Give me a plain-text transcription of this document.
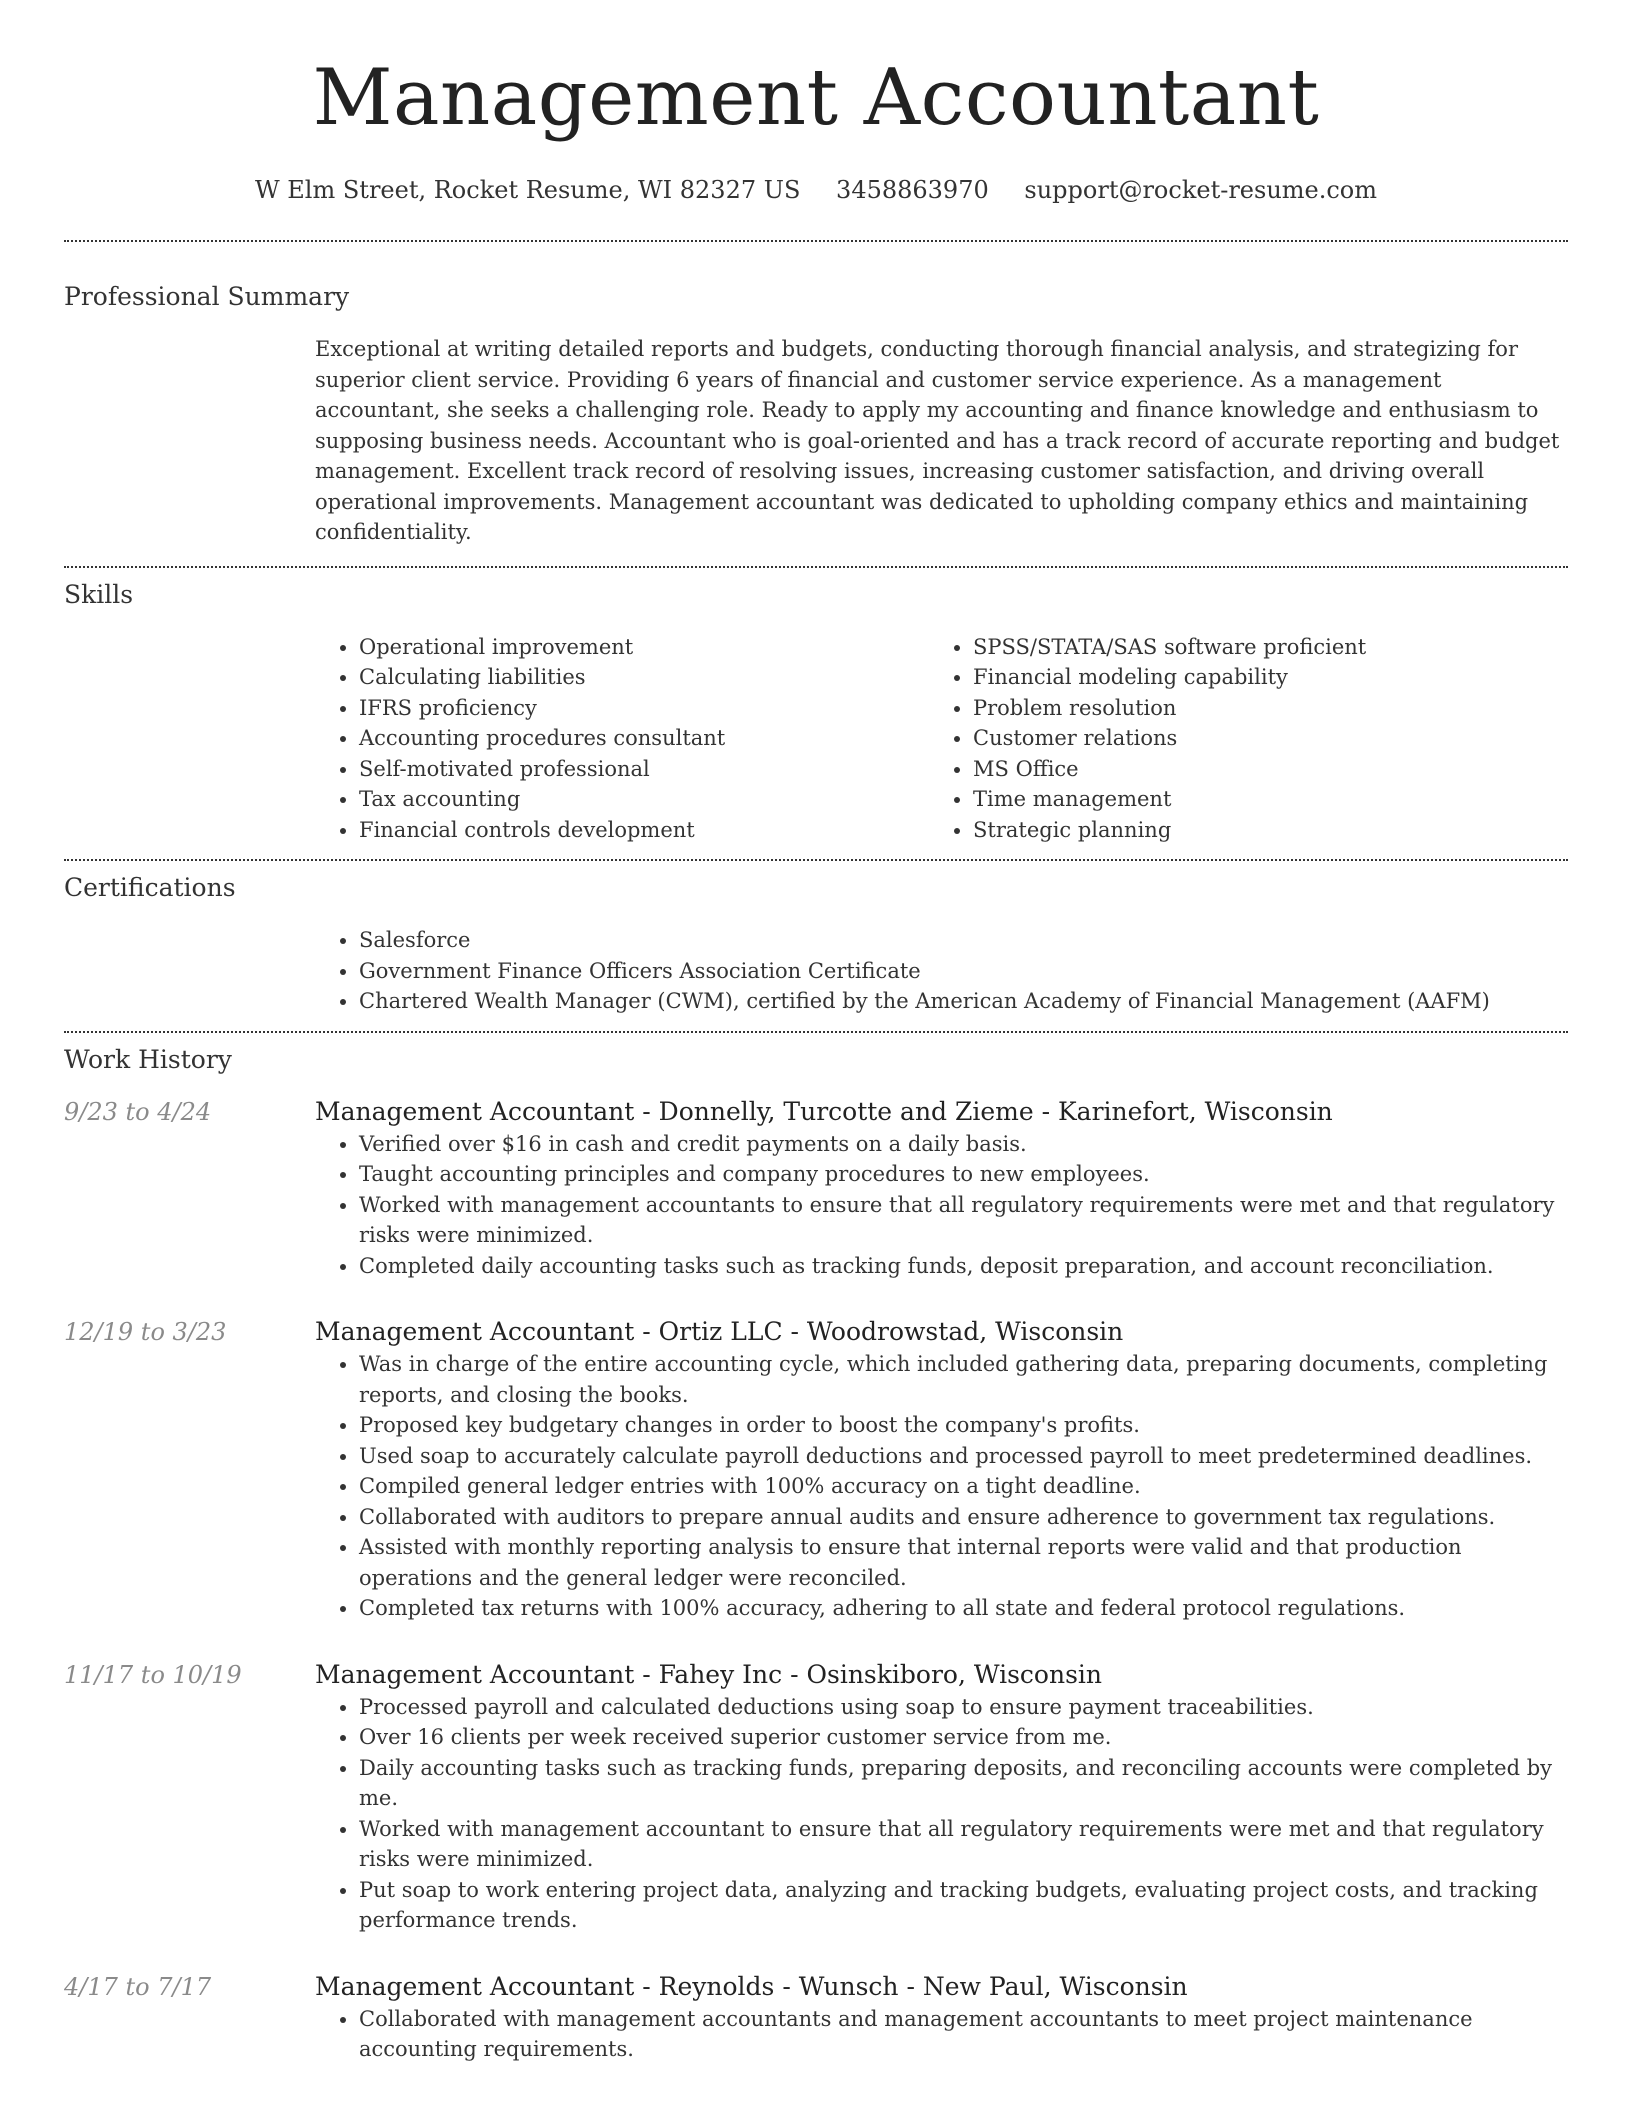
Management Accountant
W Elm Street, Rocket Resume, WI 82327 US 3458863970 support@rocket-resume.com
Professional Summary

Exceptional at writing detailed reports and budgets, conducting thorough financial analysis, and strategizing for superior client service. Providing 6 years of financial and customer service experience. As a management accountant, she seeks a challenging role. Ready to apply my accounting and finance knowledge and enthusiasm to supposing business needs. Accountant who is goal-oriented and has a track record of accurate reporting and budget management. Excellent track record of resolving issues, increasing customer satisfaction, and driving overall operational improvements. Management accountant was dedicated to upholding company ethics and maintaining confidentiality.

Skills
• Operational improvement
• Calculating liabilities
• IFRS proficiency
• Accounting procedures consultant
• Self-motivated professional
• Tax accounting
• Financial controls development
• SPSS/STATA/SAS software proficient
• Financial modeling capability
• Problem resolution
• Customer relations
• MS Office
• Time management
• Strategic planning
Certifications
• Salesforce
• Government Finance Officers Association Certificate
• Chartered Wealth Manager (CWM), certified by the American Academy of Financial Management (AAFM)
Work History
9/23 to 4/24	Management Accountant - Donnelly, Turcotte and Zieme - Karinefort, Wisconsin
• Verified over $16 in cash and credit payments on a daily basis.
• Taught accounting principles and company procedures to new employees.
• Worked with management accountants to ensure that all regulatory requirements were met and that regulatory risks were minimized.
• Completed daily accounting tasks such as tracking funds, deposit preparation, and account reconciliation.
12/19 to 3/23	Management Accountant - Ortiz LLC - Woodrowstad, Wisconsin
• Was in charge of the entire accounting cycle, which included gathering data, preparing documents, completing reports, and closing the books.
• Proposed key budgetary changes in order to boost the company's profits.
• Used soap to accurately calculate payroll deductions and processed payroll to meet predetermined deadlines.
• Compiled general ledger entries with 100% accuracy on a tight deadline.
• Collaborated with auditors to prepare annual audits and ensure adherence to government tax regulations.
• Assisted with monthly reporting analysis to ensure that internal reports were valid and that production operations and the general ledger were reconciled.
• Completed tax returns with 100% accuracy, adhering to all state and federal protocol regulations.
11/17 to 10/19	Management Accountant - Fahey Inc - Osinskiboro, Wisconsin
• Processed payroll and calculated deductions using soap to ensure payment traceabilities.
• Over 16 clients per week received superior customer service from me.
• Daily accounting tasks such as tracking funds, preparing deposits, and reconciling accounts were completed by me.
• Worked with management accountant to ensure that all regulatory requirements were met and that regulatory risks were minimized.
• Put soap to work entering project data, analyzing and tracking budgets, evaluating project costs, and tracking performance trends.
4/17 to 7/17	Management Accountant - Reynolds - Wunsch - New Paul, Wisconsin
• Collaborated with management accountants and management accountants to meet project maintenance accounting requirements.
